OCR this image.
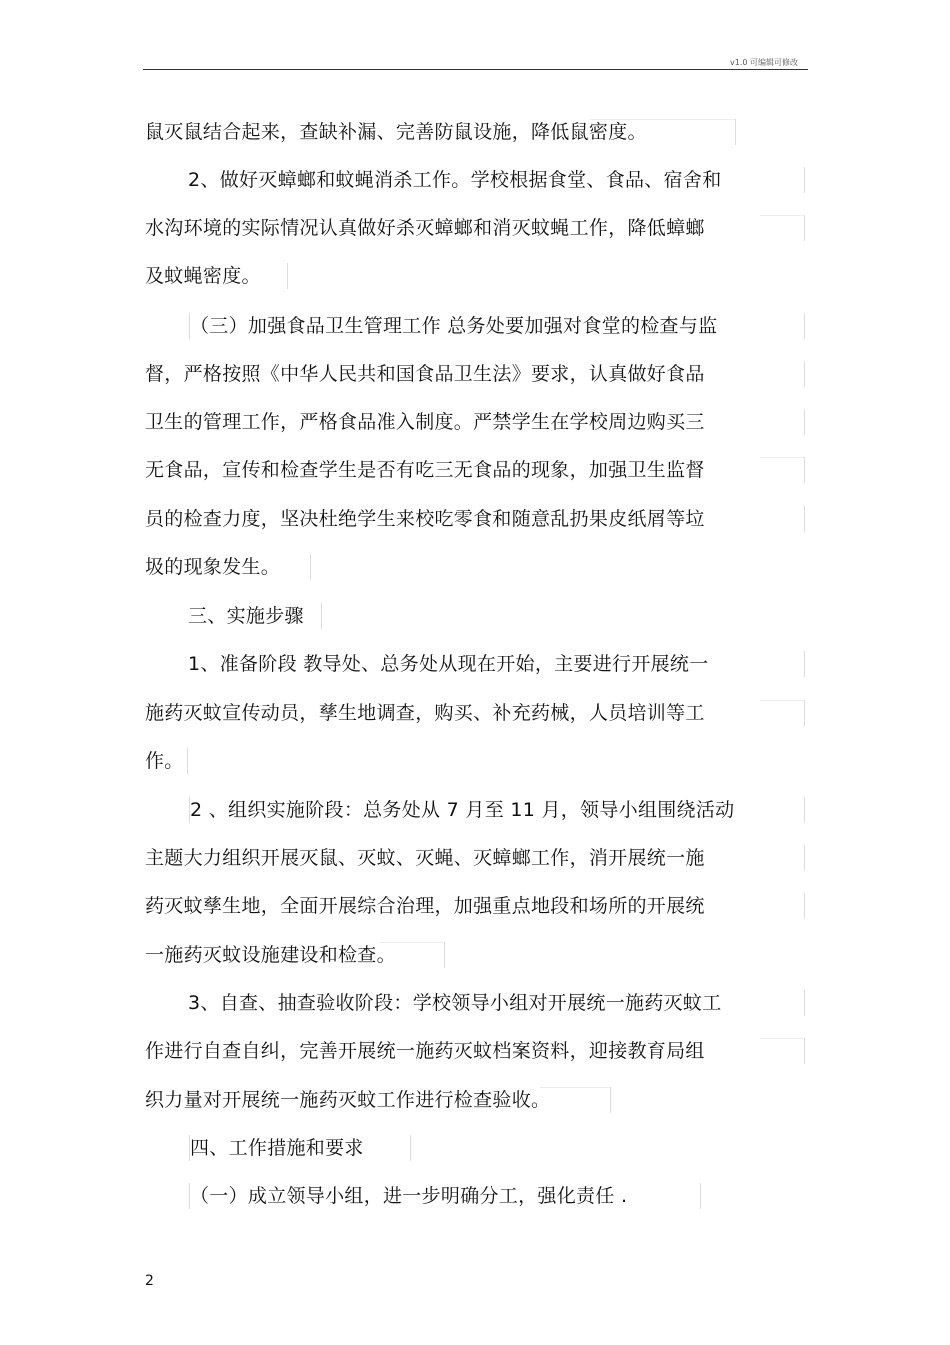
v1.0 可编辑可修改
鼠灭鼠结合起来，查缺补漏、完善防鼠设施，降低鼠密度。
2、做好灭蟑螂和蚊蝇消杀工作。学校根据食堂、食品、宿舍和
水沟环境的实际情况认真做好杀灭蟑螂和消灭蚊蝇工作，降低蟑螂
及蚊蝇密度。
（三）加强食品卫生管理工作 总务处要加强对食堂的检查与监
督，严格按照《中华人民共和国食品卫生法》要求，认真做好食品
卫生的管理工作，严格食品准入制度。严禁学生在学校周边购买三
无食品，宣传和检查学生是否有吃三无食品的现象，加强卫生监督
员的检查力度，坚决杜绝学生来校吃零食和随意乱扔果皮纸屑等垃
圾的现象发生。
三、实施步骤
1、准备阶段 教导处、总务处从现在开始，主要进行开展统一
施药灭蚊宣传动员，孳生地调查，购买、补充药械，人员培训等工
作。
2 、组织实施阶段：总务处从 7 月至 11 月，领导小组围绕活动
主题大力组织开展灭鼠、灭蚊、灭蝇、灭蟑螂工作，消开展统一施
药灭蚊孳生地，全面开展综合治理，加强重点地段和场所的开展统
一施药灭蚊设施建设和检查。
3、自查、抽查验收阶段：学校领导小组对开展统一施药灭蚊工
作进行自查自纠，完善开展统一施药灭蚊档案资料，迎接教育局组
织力量对开展统一施药灭蚊工作进行检查验收。
四、工作措施和要求
（一）成立领导小组，进一步明确分工，强化责任 .
2
